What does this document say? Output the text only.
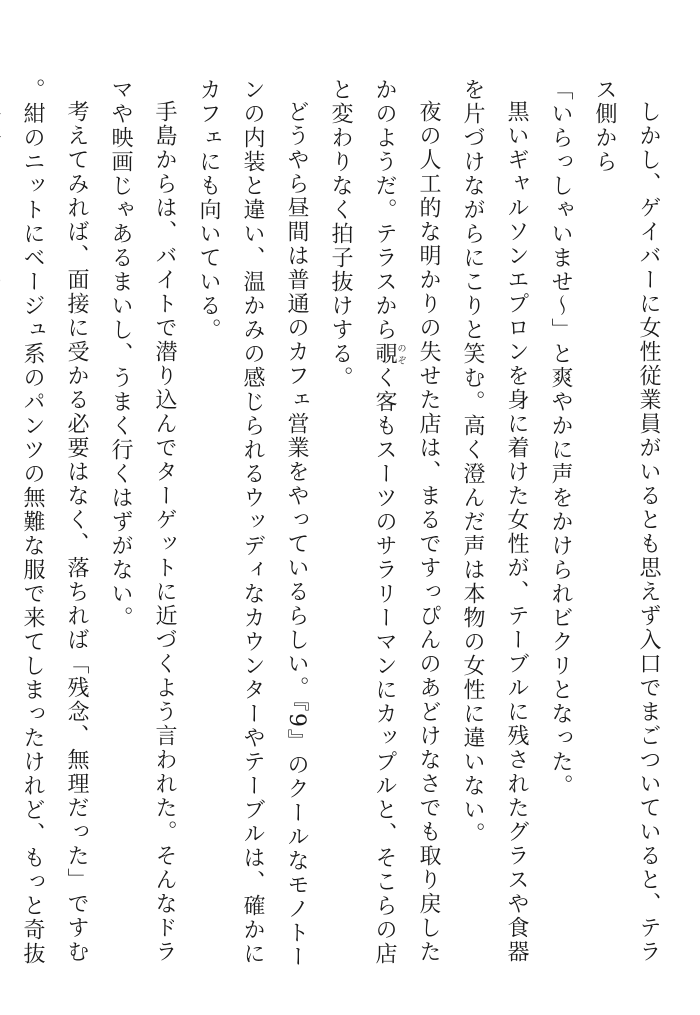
しかし、ゲイバーに女性従業員がいるとも思えず入口でまごついていると、テラス側から

「いらっしゃいませ〜」と爽やかに声をかけられビクリとなった。

黒いギャルソンエプロンを身に着けた女性が、テーブルに残されたグラスや食器を片づけながらにこりと笑む。高く澄んだ声は本物の女性に違いない。

夜の人工的な明かりの失せた店は、まるですっぴんのあどけなさでも取り戻したかのようだ。テラスから覗のぞく客もスーツのサラリーマンにカップルと、そこらの店と変わりなく拍子抜けする。

どうやら昼間は普通のカフェ営業をやっているらしい。『9』のクールなモノトーンの内装と違い、温かみの感じられるウッディなカウンターやテーブルは、確かにカフェにも向いている。

手島からは、バイトで潜り込んでターゲットに近づくよう言われた。そんなドラマや映画じゃあるまいし、うまく行くはずがない。

考えてみれば、面接に受かる必要はなく、落ちれば「残念、無理だった」ですむ。紺のニットにベージュ系のパンツの無難な服で来てしまったけれど、もっと奇抜
